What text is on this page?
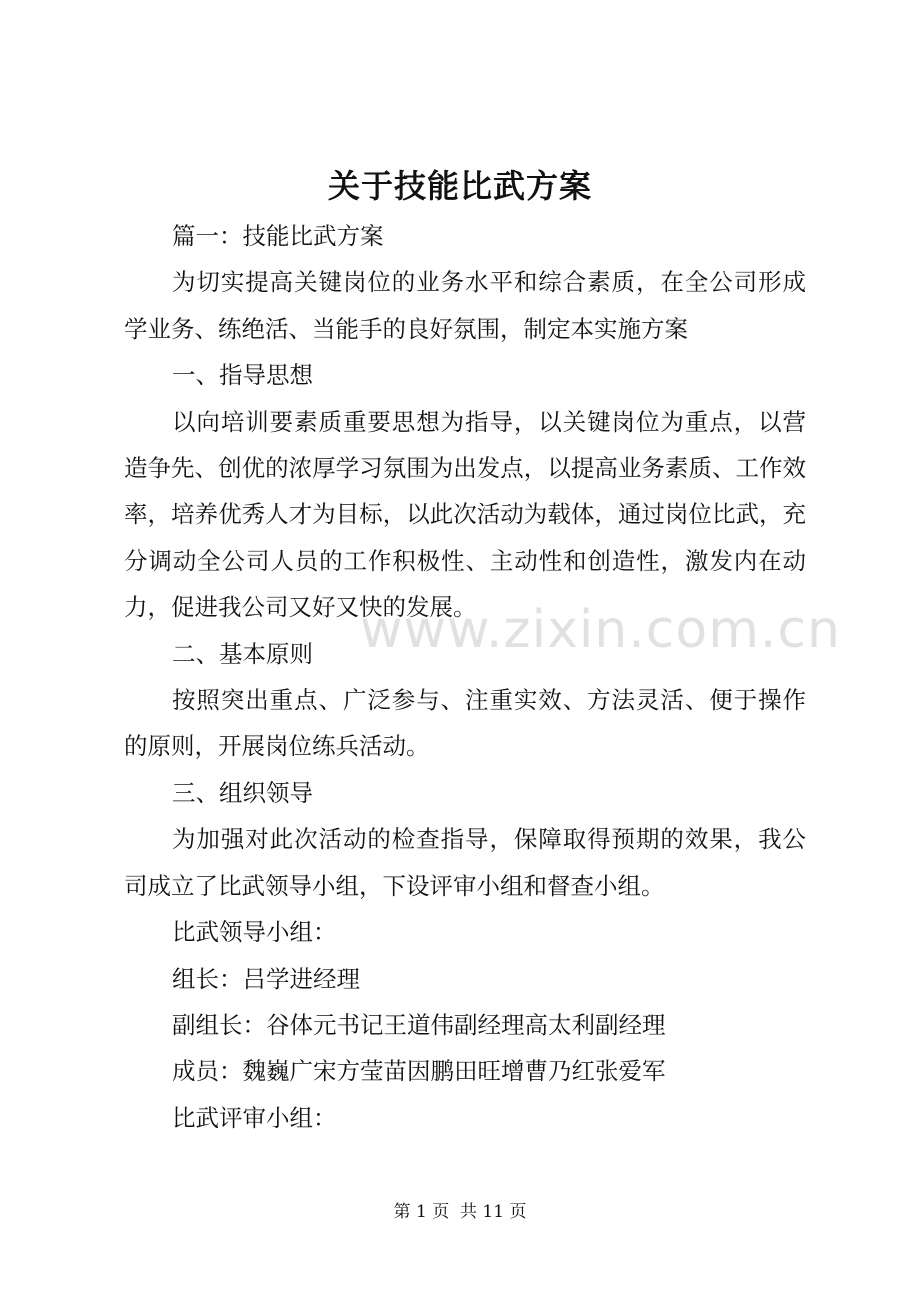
关于技能比武方案

篇一：技能比武方案

为切实提高关键岗位的业务水平和综合素质，在全公司形成学业务、练绝活、当能手的良好氛围，制定本实施方案

一、指导思想

以向培训要素质重要思想为指导，以关键岗位为重点，以营造争先、创优的浓厚学习氛围为出发点，以提高业务素质、工作效率，培养优秀人才为目标，以此次活动为载体，通过岗位比武，充分调动全公司人员的工作积极性、主动性和创造性，激发内在动力，促进我公司又好又快的发展。

二、基本原则

按照突出重点、广泛参与、注重实效、方法灵活、便于操作的原则，开展岗位练兵活动。

三、组织领导

为加强对此次活动的检查指导，保障取得预期的效果，我公司成立了比武领导小组，下设评审小组和督查小组。

比武领导小组：

组长：吕学进经理

副组长：谷体元书记王道伟副经理高太利副经理

成员：魏巍广宋方莹苗因鹏田旺增曹乃红张爱军

比武评审小组：

www.zixin.com.cn
第 1 页 共 11 页
